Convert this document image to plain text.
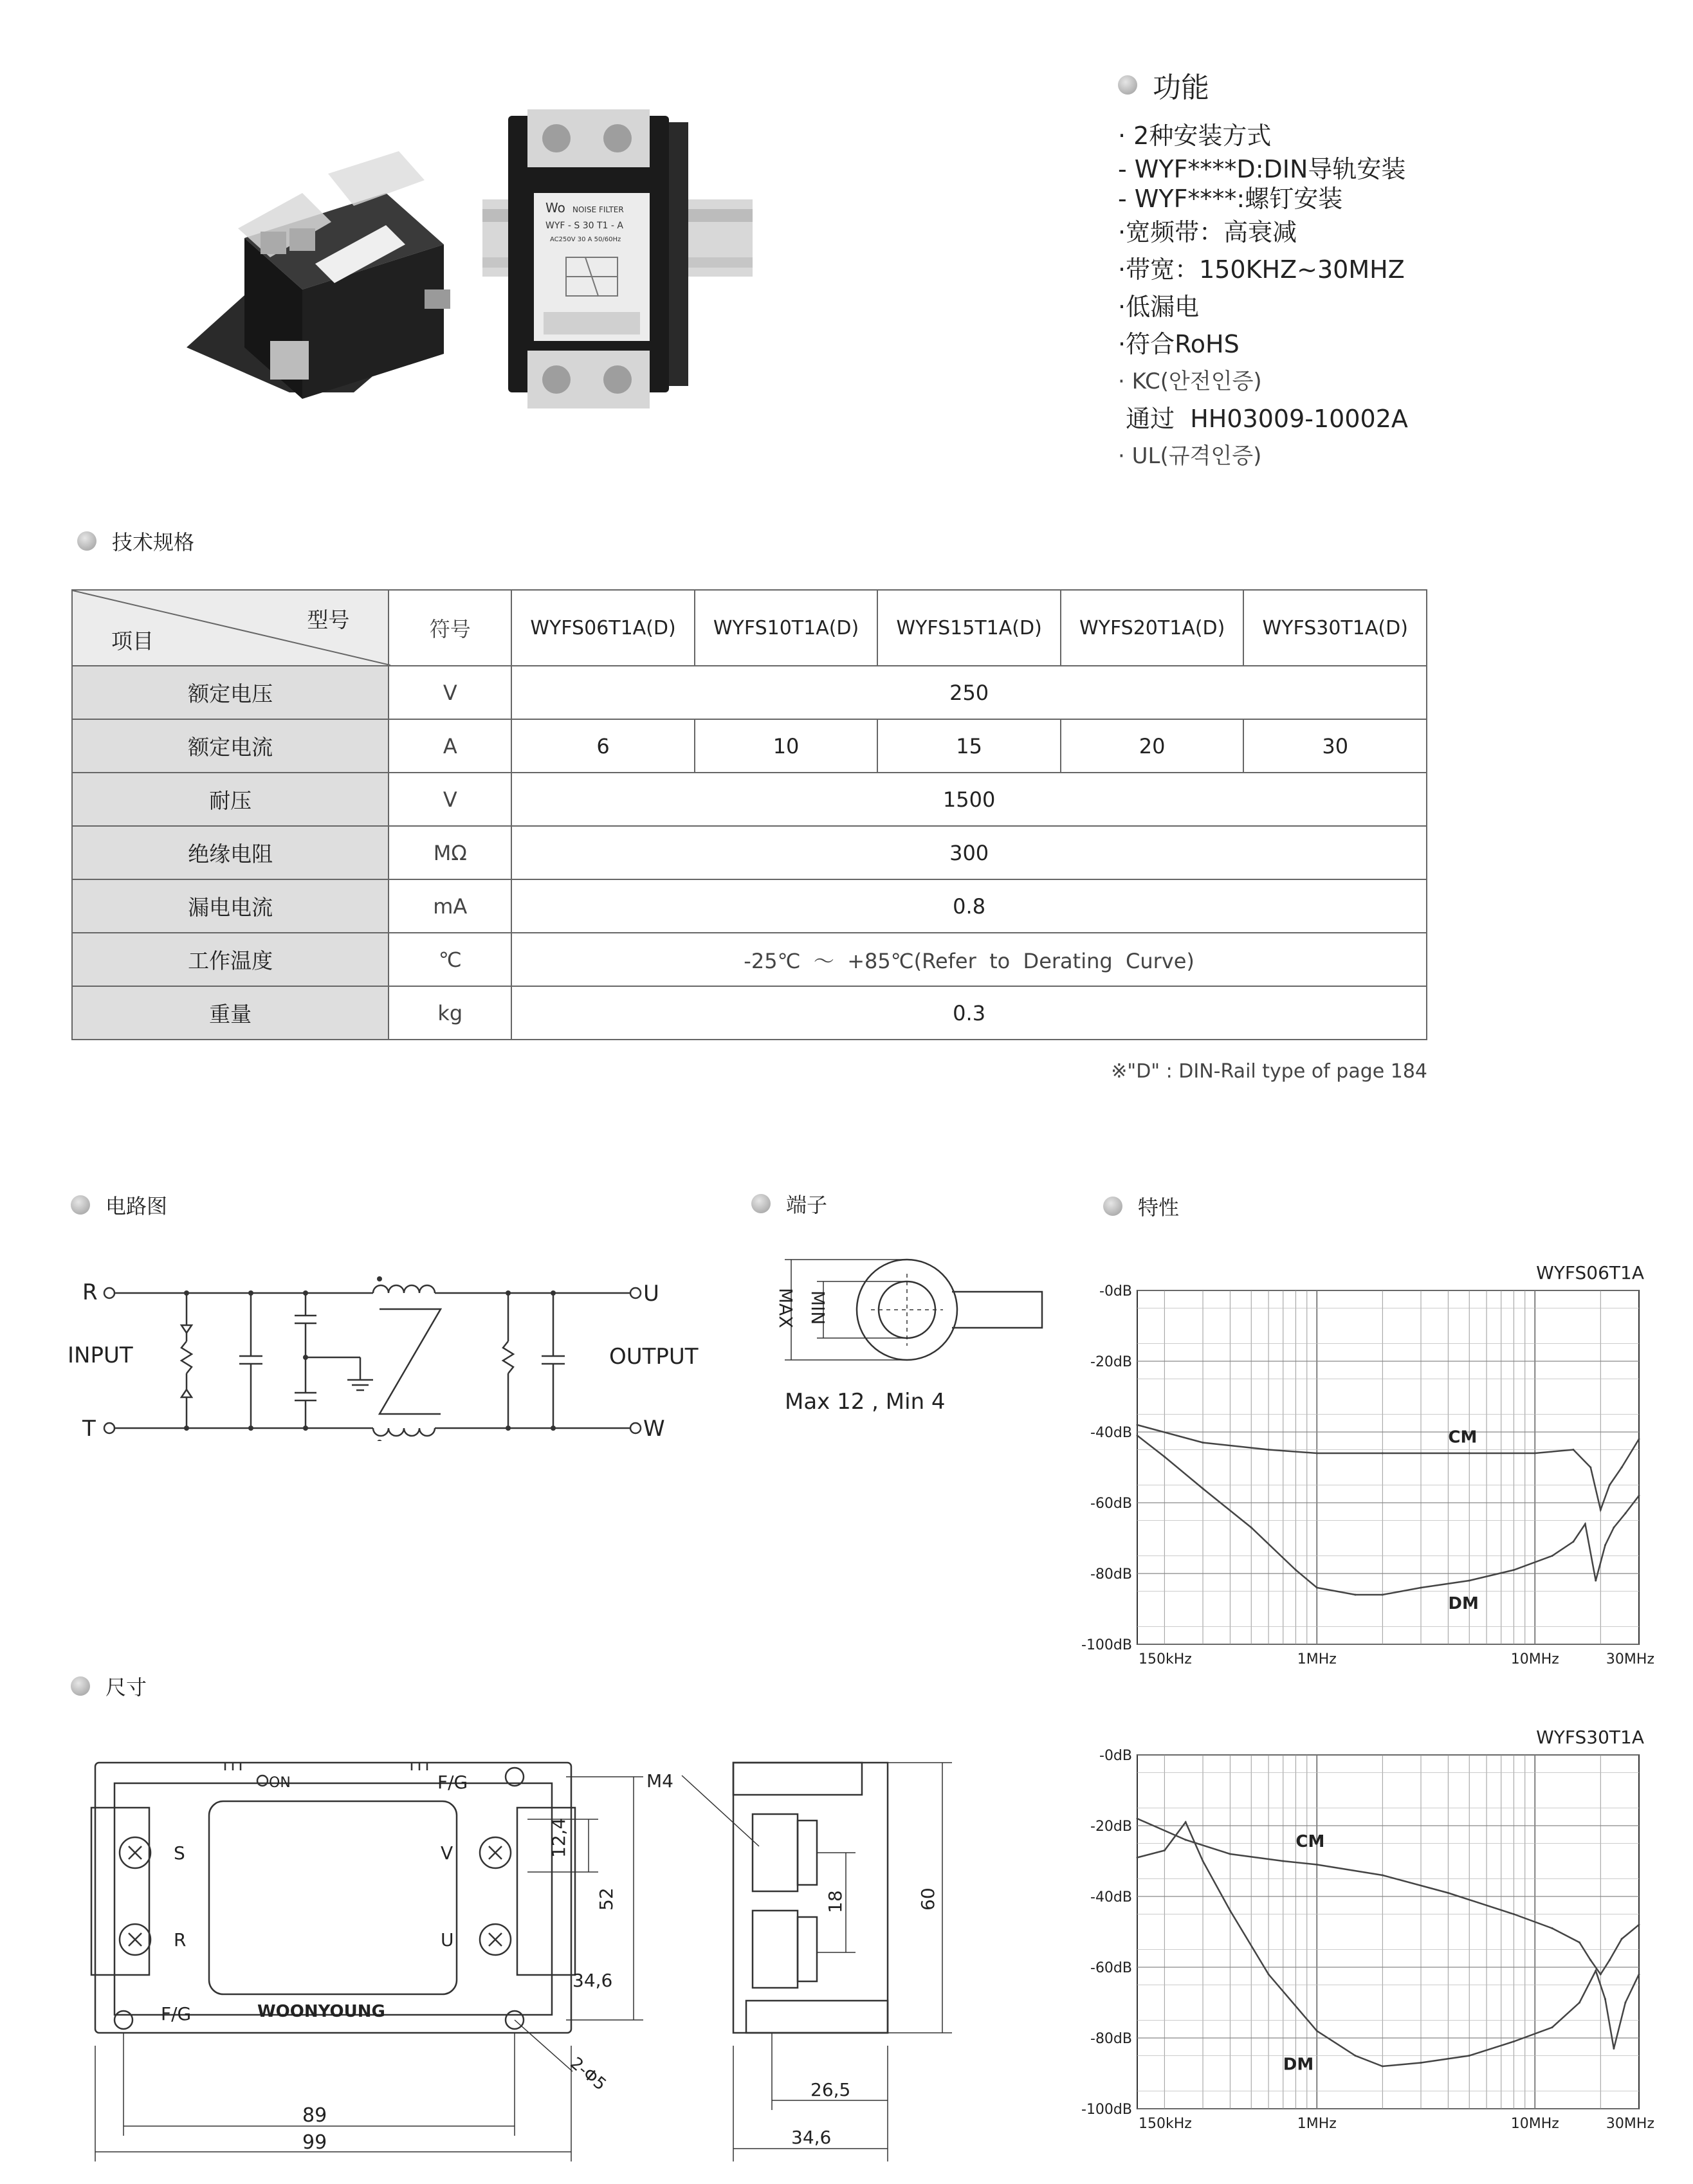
Wo NOISE FILTER
WYF - S 30 T1 - A
AC250V 30 A 50/60Hz
功能
· 2种安装方式
- WYF****D:DIN导轨安装
- WYF****:螺钉安装
·宽频带：高衰减
·带宽：150KHZ~30MHZ
·低漏电
·符合RoHS
· KC(안전인증)
通过  HH03009-10002A
· UL(규격인증)
技术规格
型号
项目	符号	WYFS06T1A(D)	WYFS10T1A(D)	WYFS15T1A(D)	WYFS20T1A(D)	WYFS30T1A(D)
额定电压	V	250				
额定电流	A	6	10	15	20	30
耐压	V	1500				
绝缘电阻	MΩ	300				
漏电电流	mA	0.8				
工作温度	℃	-25℃  ～  +85℃(Refer  to  Derating  Curve)				
重量	kg	0.3				
※"D" : DIN-Rail type of page 184
电路图
R
T
INPUT
U
W
OUTPUT
端子
MAX MIN
Max 12 , Min 4
特性
-0dB
-20dB
-40dB
-60dB
-80dB
-100dB
150kHz	1MHz	10MHz	30MHz
WYFS06T1A
CM
DM
-0dB
-20dB
-40dB
-60dB
-80dB
-100dB
150kHz	1MHz	10MHz	30MHz
WYFS30T1A
CM
DM
尺寸
ON	F/G
F/G
S
R
V
U
WOONYOUNG
M4
12,4
52
34,6
89
99
18	60
26,5
34,6
2-Φ5
